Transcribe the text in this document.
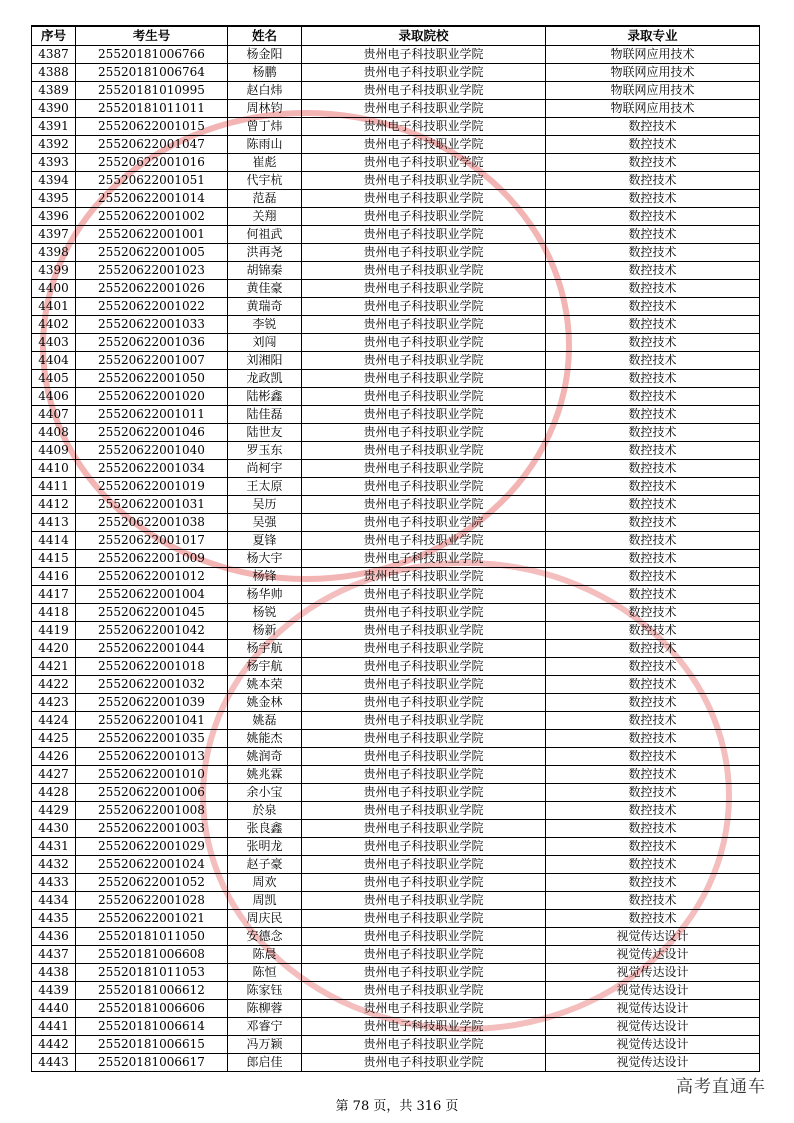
序号	考生号	姓名	录取院校	录取专业
4387	25520181006766	杨金阳	贵州电子科技职业学院	物联网应用技术
4388	25520181006764	杨鹏	贵州电子科技职业学院	物联网应用技术
4389	25520181010995	赵白炜	贵州电子科技职业学院	物联网应用技术
4390	25520181011011	周林钧	贵州电子科技职业学院	物联网应用技术
4391	25520622001015	曾丁炜	贵州电子科技职业学院	数控技术
4392	25520622001047	陈雨山	贵州电子科技职业学院	数控技术
4393	25520622001016	崔彪	贵州电子科技职业学院	数控技术
4394	25520622001051	代宇杭	贵州电子科技职业学院	数控技术
4395	25520622001014	范磊	贵州电子科技职业学院	数控技术
4396	25520622001002	关翔	贵州电子科技职业学院	数控技术
4397	25520622001001	何祖武	贵州电子科技职业学院	数控技术
4398	25520622001005	洪再尧	贵州电子科技职业学院	数控技术
4399	25520622001023	胡锦秦	贵州电子科技职业学院	数控技术
4400	25520622001026	黄佳豪	贵州电子科技职业学院	数控技术
4401	25520622001022	黄瑞奇	贵州电子科技职业学院	数控技术
4402	25520622001033	李锐	贵州电子科技职业学院	数控技术
4403	25520622001036	刘闯	贵州电子科技职业学院	数控技术
4404	25520622001007	刘湘阳	贵州电子科技职业学院	数控技术
4405	25520622001050	龙政凯	贵州电子科技职业学院	数控技术
4406	25520622001020	陆彬鑫	贵州电子科技职业学院	数控技术
4407	25520622001011	陆佳磊	贵州电子科技职业学院	数控技术
4408	25520622001046	陆世友	贵州电子科技职业学院	数控技术
4409	25520622001040	罗玉东	贵州电子科技职业学院	数控技术
4410	25520622001034	尚柯宇	贵州电子科技职业学院	数控技术
4411	25520622001019	王太原	贵州电子科技职业学院	数控技术
4412	25520622001031	吴历	贵州电子科技职业学院	数控技术
4413	25520622001038	吴强	贵州电子科技职业学院	数控技术
4414	25520622001017	夏锋	贵州电子科技职业学院	数控技术
4415	25520622001009	杨大宇	贵州电子科技职业学院	数控技术
4416	25520622001012	杨锋	贵州电子科技职业学院	数控技术
4417	25520622001004	杨华帅	贵州电子科技职业学院	数控技术
4418	25520622001045	杨锐	贵州电子科技职业学院	数控技术
4419	25520622001042	杨新	贵州电子科技职业学院	数控技术
4420	25520622001044	杨宇航	贵州电子科技职业学院	数控技术
4421	25520622001018	杨宇航	贵州电子科技职业学院	数控技术
4422	25520622001032	姚本荣	贵州电子科技职业学院	数控技术
4423	25520622001039	姚金林	贵州电子科技职业学院	数控技术
4424	25520622001041	姚磊	贵州电子科技职业学院	数控技术
4425	25520622001035	姚能杰	贵州电子科技职业学院	数控技术
4426	25520622001013	姚润奇	贵州电子科技职业学院	数控技术
4427	25520622001010	姚兆霖	贵州电子科技职业学院	数控技术
4428	25520622001006	余小宝	贵州电子科技职业学院	数控技术
4429	25520622001008	於泉	贵州电子科技职业学院	数控技术
4430	25520622001003	张良鑫	贵州电子科技职业学院	数控技术
4431	25520622001029	张明龙	贵州电子科技职业学院	数控技术
4432	25520622001024	赵子豪	贵州电子科技职业学院	数控技术
4433	25520622001052	周欢	贵州电子科技职业学院	数控技术
4434	25520622001028	周凯	贵州电子科技职业学院	数控技术
4435	25520622001021	周庆民	贵州电子科技职业学院	数控技术
4436	25520181011050	安德念	贵州电子科技职业学院	视觉传达设计
4437	25520181006608	陈晨	贵州电子科技职业学院	视觉传达设计
4438	25520181011053	陈恒	贵州电子科技职业学院	视觉传达设计
4439	25520181006612	陈家钰	贵州电子科技职业学院	视觉传达设计
4440	25520181006606	陈柳蓉	贵州电子科技职业学院	视觉传达设计
4441	25520181006614	邓睿宁	贵州电子科技职业学院	视觉传达设计
4442	25520181006615	冯万颖	贵州电子科技职业学院	视觉传达设计
4443	25520181006617	郎启佳	贵州电子科技职业学院	视觉传达设计
第 78 页，共 316 页
高考直通车
